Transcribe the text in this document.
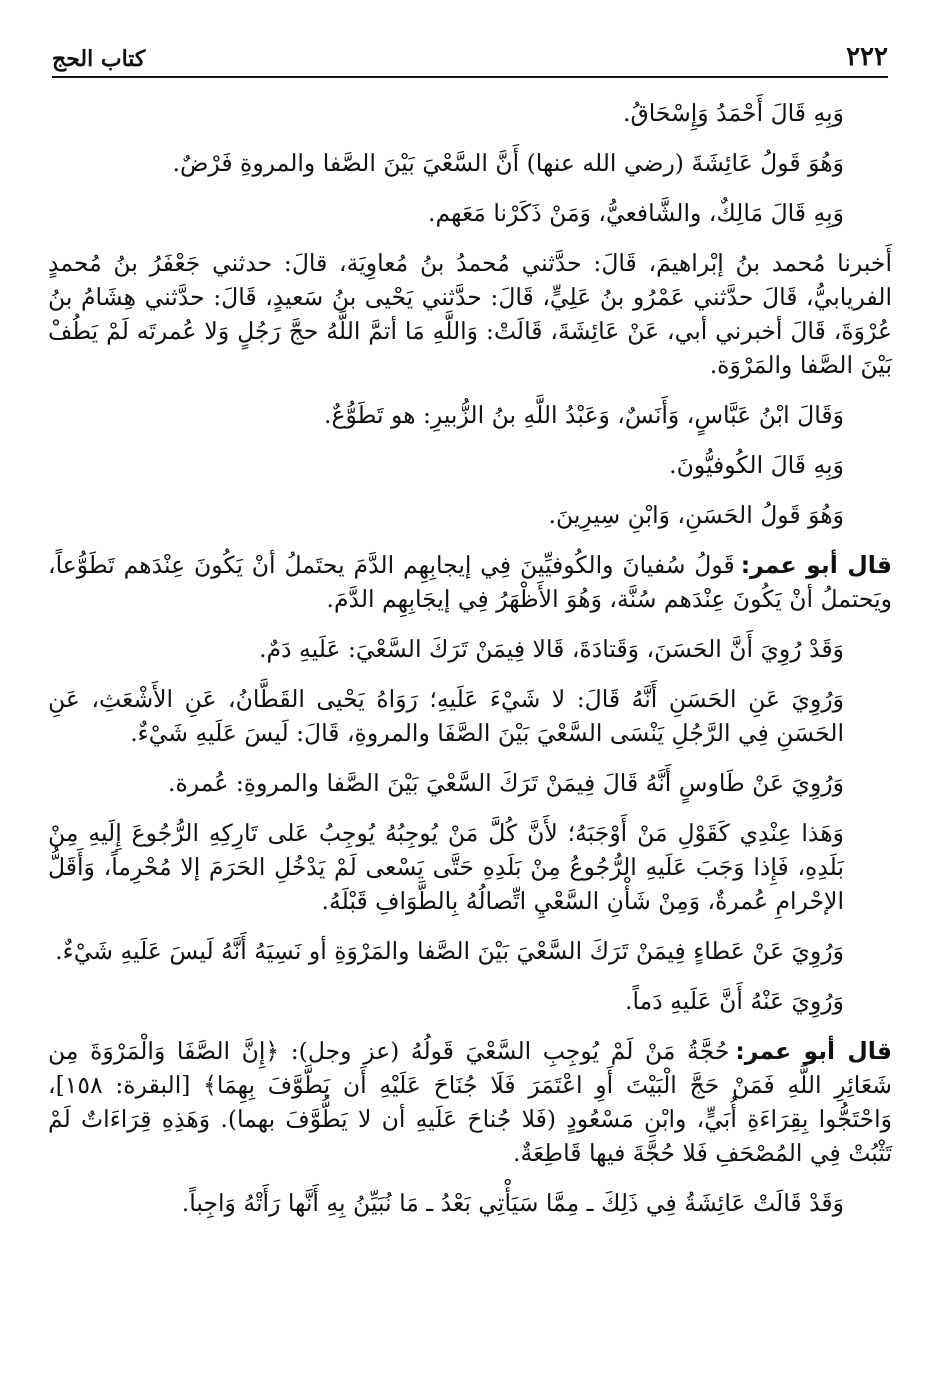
كتاب الحج	٢٢٢

وَبِهِ قَالَ أَحْمَدُ وَإِسْحَاقُ.

وَهُوَ قَولُ عَائِشَةَ (رضي الله عنها) أَنَّ السَّعْيَ بَيْنَ الصَّفا والمروةِ فَرْضٌ.

وَبِهِ قَالَ مَالِكٌ، والشَّافعيُّ، وَمَنْ ذَكَرْنا مَعَهم.

أَخبرنا مُحمد بنُ إبْراهيمَ، قَالَ: حدَّثني مُحمدُ بنُ مُعاوِيَة، قالَ: حدثني جَعْفَرُ بنُ مُحمدٍ الفريابيُّ، قَالَ حدَّثني عَمْرُو بنُ عَلِيٍّ، قَالَ: حدَّثني يَحْيى بنُ سَعيدٍ، قَالَ: حدَّثني هِشَامُ بنُ عُرْوَةَ، قَالَ أخبرني أبي، عَنْ عَائِشَةَ، قَالَتْ: وَاللَّهِ مَا أتمَّ اللَّهُ حجَّ رَجُلٍ وَلا عُمرتَه لَمْ يَطُفْ بَيْنَ الصَّفا والمَرْوَة.

وَقَالَ ابْنُ عَبَّاسٍ، وَأَنَسٌ، وَعَبْدُ اللَّهِ بنُ الزُّبيرِ: هو تَطَوُّعٌ.

وَبِهِ قَالَ الكُوفيُّونَ.

وَهُوَ قَولُ الحَسَنِ، وَابْنِ سِيرِينَ.

قال أبو عمر:قَولُ سُفيانَ والكُوفيِّينَ فِي إيجابِهِم الدَّمَ يحتَملُ أنْ يَكُونَ عِنْدَهم تَطَوُّعاً، ويَحتملُ أنْ يَكُونَ عِنْدَهم سُنَّة، وَهُوَ الأَظْهَرُ فِي إيجَابِهِم الدَّمَ.

وَقَدْ رُوِيَ أَنَّ الحَسَنَ، وَقَتادَةَ، قَالا فِيمَنْ تَرَكَ السَّعْيَ: عَلَيهِ دَمٌ.

وَرُوِيَ عَنِ الحَسَنِ أَنَّهُ قَالَ: لا شَيْءَ عَلَيهِ؛ رَوَاهُ يَحْيى القَطَّانُ، عَنِ الأَشْعَثِ، عَنِ الحَسَنِ فِي الرَّجُلِ يَنْسَى السَّعْيَ بَيْنَ الصَّفَا والمروةِ، قَالَ: لَيسَ عَلَيهِ شَيْءٌ.

وَرُوِيَ عَنْ طَاوسٍ أَنَّهُ قَالَ فِيمَنْ تَرَكَ السَّعْيَ بَيْنَ الصَّفا والمروةِ: عُمرة.

وَهَذا عِنْدِي كَقَوْلِ مَنْ أَوْجَبَهُ؛ لأَنَّ كُلَّ مَنْ يُوجِبُهُ يُوجِبُ عَلى تَارِكِهِ الرُّجُوعَ إِلَيهِ مِنْ بَلَدِهِ، فَإِذا وَجَبَ عَلَيهِ الرُّجُوعُ مِنْ بَلَدِهِ حَتَّى يَسْعى لَمْ يَدْخُلِ الحَرَمَ إلا مُحْرِماً، وَأَقَلُّ الإحْرامِ عُمرةٌ، وَمِنْ شَأْنِ السَّعْيِ اتِّصالُهُ بِالطَّوَافِ قَبْلَهُ.

وَرُوِيَ عَنْ عَطاءٍ فِيمَنْ تَرَكَ السَّعْيَ بَيْنَ الصَّفا والمَرْوَةِ أو نَسِيَهُ أَنَّهُ لَيسَ عَلَيهِ شَيْءٌ.

وَرُوِيَ عَنْهُ أَنَّ عَلَيهِ دَماً.

قال أبو عمر:حُجَّةُ مَنْ لَمْ يُوجِبِ السَّعْيَ قَولُهُ (عز وجل): ﴿إِنَّ الصَّفَا وَالْمَرْوَةَ مِن شَعَائِرِ اللَّهِ فَمَنْ حَجَّ الْبَيْتَ أَوِ اعْتَمَرَ فَلَا جُنَاحَ عَلَيْهِ أَن يَطَّوَّفَ بِهِمَا﴾ [البقرة: ١٥٨]، وَاحْتَجُّوا بِقِرَاءَةِ أُبَيٍّ، وابْنِ مَسْعُودٍ (فَلا جُناحَ عَلَيهِ أن لا يَطُّوَّفَ بهما). وَهَذِهِ قِرَاءَاتٌ لَمْ تَثْبُتْ فِي المُصْحَفِ فَلا حُجَّةَ فيها قَاطِعَةٌ.

وَقَدْ قَالَتْ عَائِشَةُ فِي ذَلِكَ ـ مِمَّا سَيَأْتِي بَعْدُ ـ مَا نُبَيِّنُ بِهِ أَنَّها رَأَتْهُ وَاجِباً.
